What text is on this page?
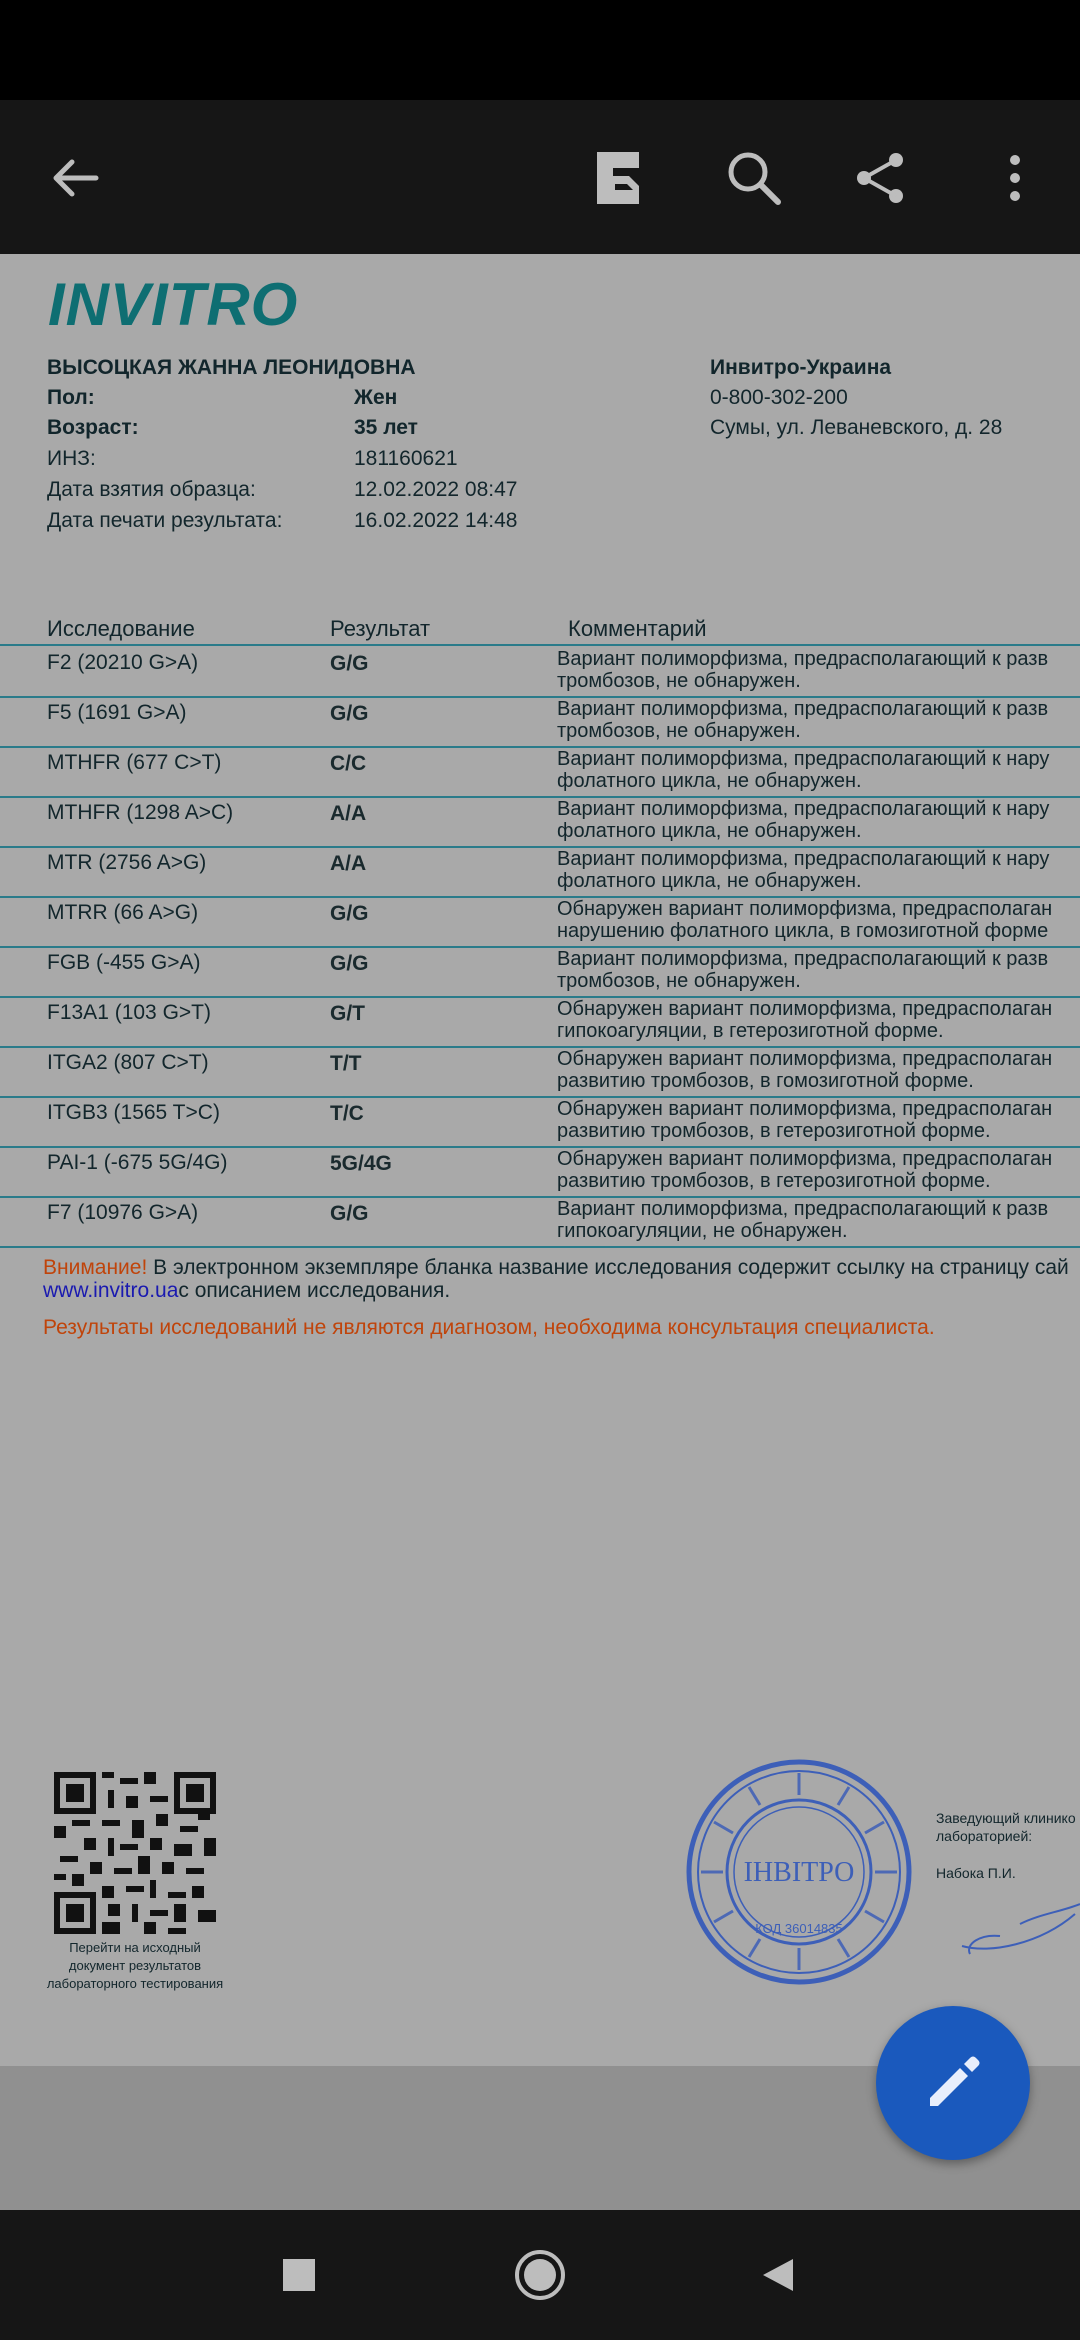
INVITRO
ВЫСОЦКАЯ ЖАННА ЛЕОНИДОВНА	Инвитро-Украина
0-800-302-200
Сумы, ул. Леваневского, д. 28
Пол:	Жен
Возраст:	35 лет
ИНЗ:	181160621
Дата взятия образца:	12.02.2022 08:47
Дата печати результата:	16.02.2022 14:48
Исследование	Результат	Комментарий
F2 (20210 G>A)	G/G	Вариант полиморфизма, предрасполагающий к разв
тромбозов, не обнаружен.
F5 (1691 G>A)	G/G	Вариант полиморфизма, предрасполагающий к разв
тромбозов, не обнаружен.
MTHFR (677 C>T)	C/C	Вариант полиморфизма, предрасполагающий к нару
фолатного цикла, не обнаружен.
MTHFR (1298 A>C)	A/A	Вариант полиморфизма, предрасполагающий к нару
фолатного цикла, не обнаружен.
MTR (2756 A>G)	A/A	Вариант полиморфизма, предрасполагающий к нару
фолатного цикла, не обнаружен.
MTRR (66 A>G)	G/G	Обнаружен вариант полиморфизма, предрасполаган
нарушению фолатного цикла, в гомозиготной форме
FGB (-455 G>A)	G/G	Вариант полиморфизма, предрасполагающий к разв
тромбозов, не обнаружен.
F13A1 (103 G>T)	G/T	Обнаружен вариант полиморфизма, предрасполаган
гипокоагуляции, в гетерозиготной форме.
ITGA2 (807 C>T)	T/T	Обнаружен вариант полиморфизма, предрасполаган
развитию тромбозов, в гомозиготной форме.
ITGB3 (1565 T>C)	T/C	Обнаружен вариант полиморфизма, предрасполаган
развитию тромбозов, в гетерозиготной форме.
PAI-1 (-675 5G/4G)	5G/4G	Обнаружен вариант полиморфизма, предрасполаган
развитию тромбозов, в гетерозиготной форме.
F7 (10976 G>A)	G/G	Вариант полиморфизма, предрасполагающий к разв
гипокоагуляции, не обнаружен.
Внимание! В электронном экземпляре бланка название исследования содержит ссылку на страницу сай
www.invitro.uaс описанием исследования.
Результаты исследований не являются диагнозом, необходима консультация специалиста.
Перейти на исходный
документ результатов
лабораторного тестирования
ІНВІТРО
КОД 36014835
Заведующий клинико
лабораторией:
Набока П.И.
